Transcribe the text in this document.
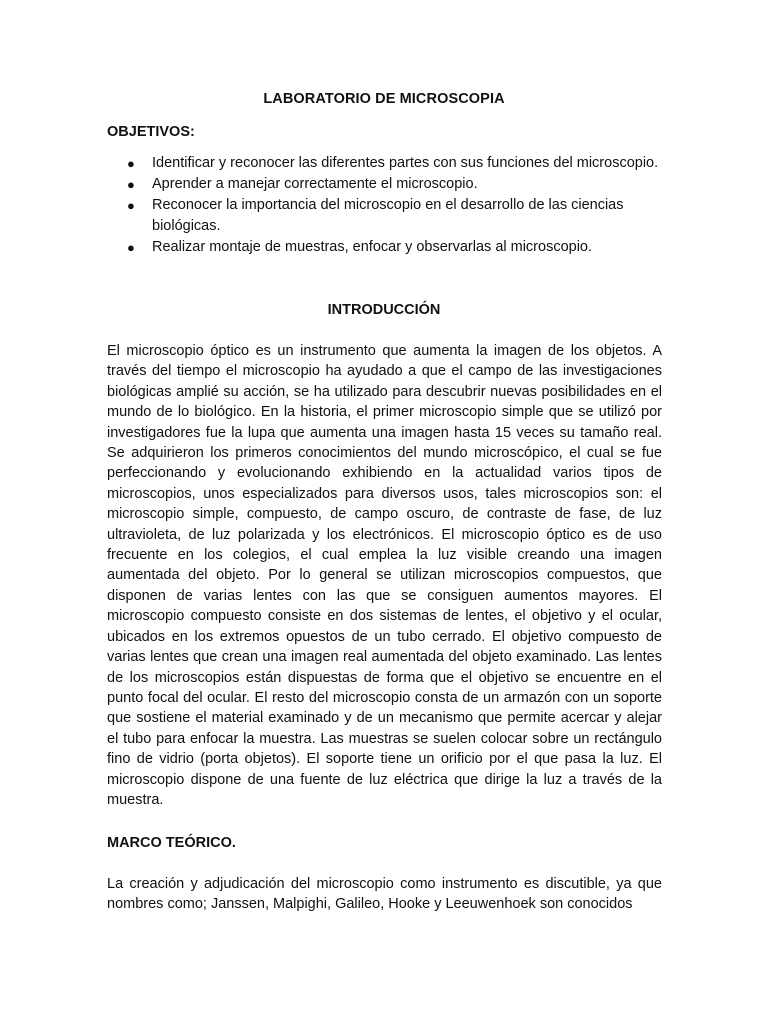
LABORATORIO DE MICROSCOPIA
OBJETIVOS:
● Identificar y reconocer las diferentes partes con sus funciones del microscopio.
● Aprender a manejar correctamente el microscopio.
● Reconocer la importancia del microscopio en el desarrollo de las ciencias biológicas.
● Realizar montaje de muestras, enfocar y observarlas al microscopio.
INTRODUCCIÓN

El microscopio óptico es un instrumento que aumenta la imagen de los objetos. A través del tiempo el microscopio ha ayudado a que el campo de las investigaciones biológicas amplié su acción, se ha utilizado para descubrir nuevas posibilidades en el mundo de lo biológico. En la historia, el primer microscopio simple que se utilizó por investigadores fue la lupa que aumenta una imagen hasta 15 veces su tamaño real. Se adquirieron los primeros conocimientos del mundo microscópico, el cual se fue perfeccionando y evolucionando exhibiendo en la actualidad varios tipos de microscopios, unos especializados para diversos usos, tales microscopios son: el microscopio simple, compuesto, de campo oscuro, de contraste de fase, de luz ultravioleta, de luz polarizada y los electrónicos. El microscopio óptico es de uso frecuente en los colegios, el cual emplea la luz visible creando una imagen aumentada del objeto. Por lo general se utilizan microscopios compuestos, que disponen de varias lentes con las que se consiguen aumentos mayores. El microscopio compuesto consiste en dos sistemas de lentes, el objetivo y el ocular, ubicados en los extremos opuestos de un tubo cerrado. El objetivo compuesto de varias lentes que crean una imagen real aumentada del objeto examinado. Las lentes de los microscopios están dispuestas de forma que el objetivo se encuentre en el punto focal del ocular. El resto del microscopio consta de un armazón con un soporte que sostiene el material examinado y de un mecanismo que permite acercar y alejar el tubo para enfocar la muestra. Las muestras se suelen colocar sobre un rectángulo fino de vidrio (porta objetos). El soporte tiene un orificio por el que pasa la luz. El microscopio dispone de una fuente de luz eléctrica que dirige la luz a través de la muestra.

MARCO TEÓRICO.

La creación y adjudicación del microscopio como instrumento es discutible, ya que nombres como; Janssen, Malpighi, Galileo, Hooke y Leeuwenhoek son conocidos
